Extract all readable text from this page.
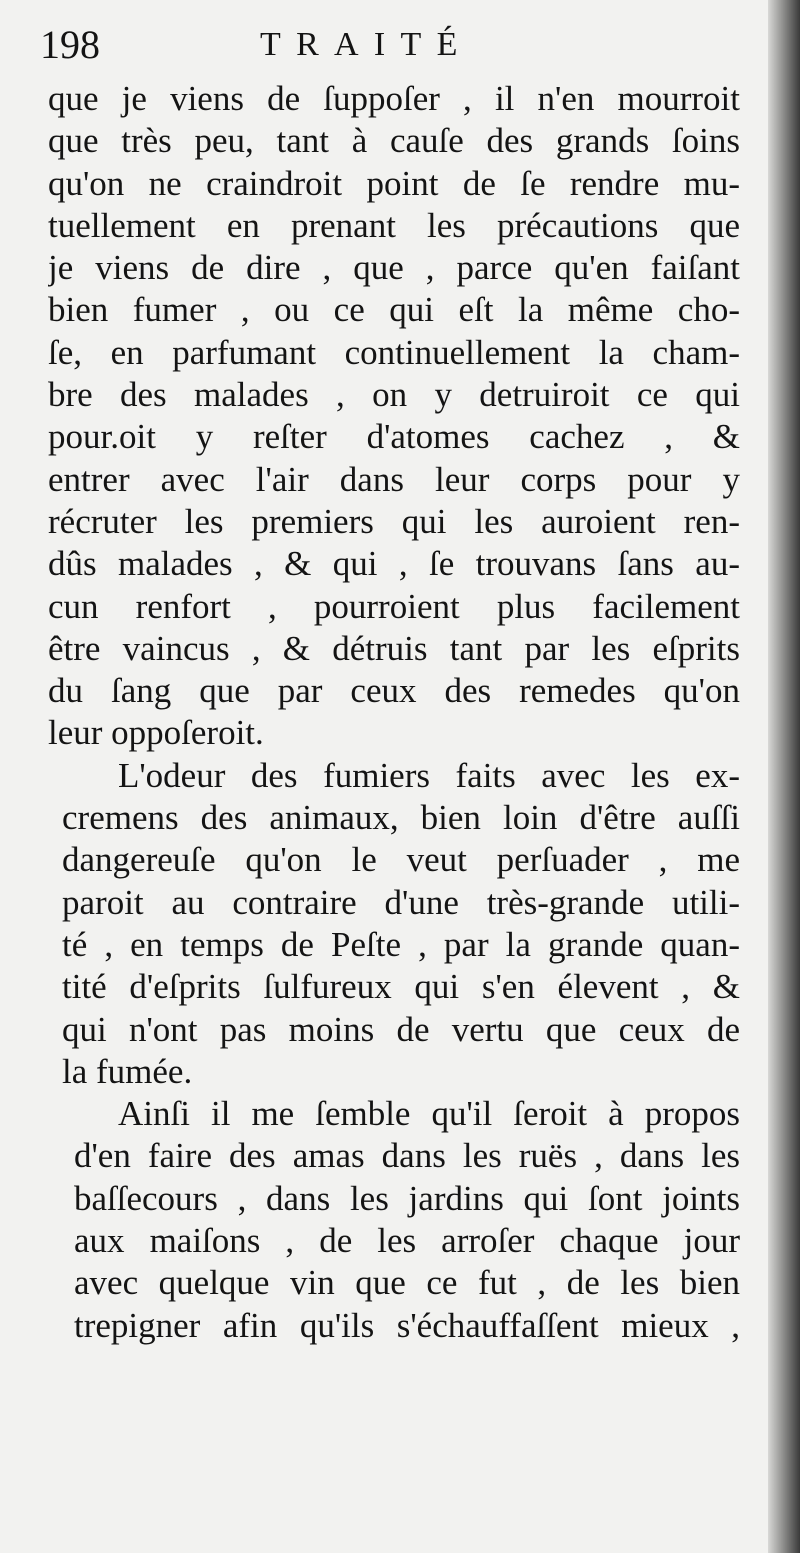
198	TRAITÉ
que je viens de ſuppoſer , il n'en mourroit
que très peu, tant à cauſe des grands ſoins
qu'on ne craindroit point de ſe rendre mu-
tuellement en prenant les précautions que
je viens de dire , que , parce qu'en faiſant
bien fumer , ou ce qui eſt la même cho-
ſe, en parfumant continuellement la cham-
bre des malades , on y detruiroit ce qui
pour.oit y reſter d'atomes cachez , &
entrer avec l'air dans leur corps pour y
récruter les premiers qui les auroient ren-
dûs malades , & qui , ſe trouvans ſans au-
cun renfort , pourroient plus facilement
être vaincus , & détruis tant par les eſprits
du ſang que par ceux des remedes qu'on
leur oppoſeroit.
L'odeur des fumiers faits avec les ex-
cremens des animaux, bien loin d'être auſſi
dangereuſe qu'on le veut perſuader , me
paroit au contraire d'une très-grande utili-
té , en temps de Peſte , par la grande quan-
tité d'eſprits ſulfureux qui s'en élevent , &
qui n'ont pas moins de vertu que ceux de
la fumée.
Ainſi il me ſemble qu'il ſeroit à propos
d'en faire des amas dans les ruës , dans les
baſſecours , dans les jardins qui ſont joints
aux maiſons , de les arroſer chaque jour
avec quelque vin que ce fut , de les bien
trepigner afin qu'ils s'échauffaſſent mieux ,
